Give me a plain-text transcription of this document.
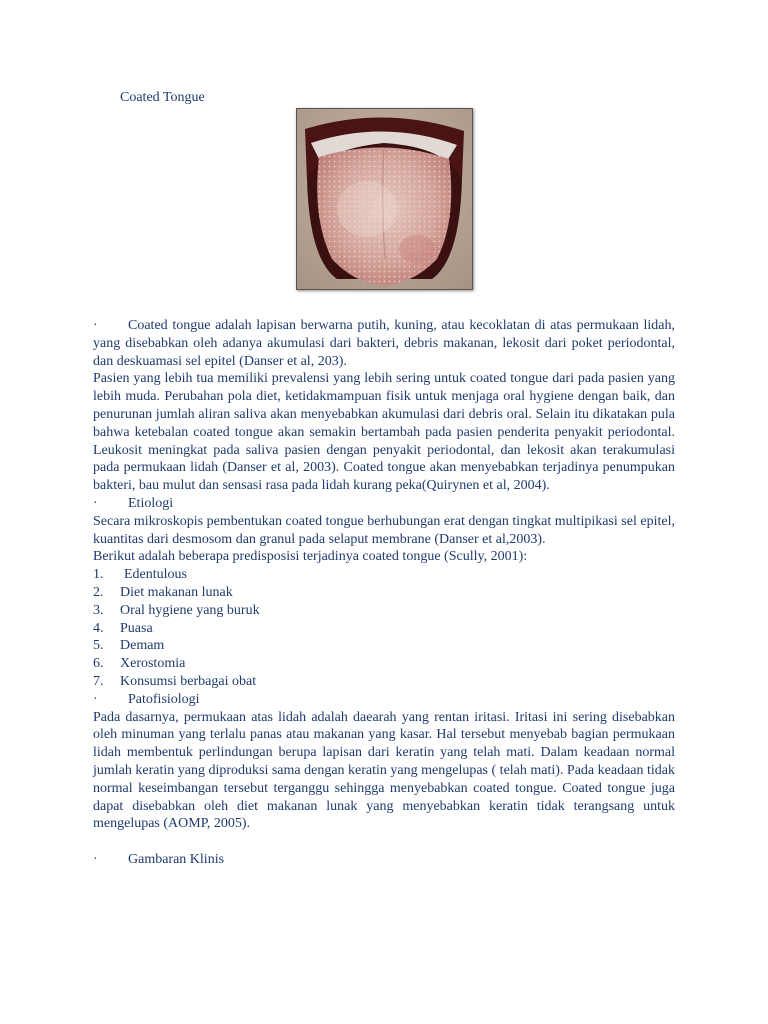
Coated Tongue

· Coated tongue adalah lapisan berwarna putih, kuning, atau kecoklatan di atas permukaan lidah, yang disebabkan oleh adanya akumulasi dari bakteri, debris makanan, lekosit dari poket periodontal, dan deskuamasi sel epitel (Danser et al, 203).

Pasien yang lebih tua memiliki prevalensi yang lebih sering untuk coated tongue dari pada pasien yang lebih muda. Perubahan pola diet, ketidakmampuan fisik untuk menjaga oral hygiene dengan baik, dan penurunan jumlah aliran saliva akan menyebabkan akumulasi dari debris oral. Selain itu dikatakan pula bahwa ketebalan coated tongue akan semakin bertambah pada pasien penderita penyakit periodontal. Leukosit meningkat pada saliva pasien dengan penyakit periodontal, dan lekosit akan terakumulasi pada permukaan lidah (Danser et al, 2003). Coated tongue akan menyebabkan terjadinya penumpukan bakteri, bau mulut dan sensasi rasa pada lidah kurang peka(Quirynen et al, 2004).

· Etiologi

Secara mikroskopis pembentukan coated tongue berhubungan erat dengan tingkat multipikasi sel epitel, kuantitas dari desmosom dan granul pada selaput membrane (Danser et al,2003).

Berikut adalah beberapa predisposisi terjadinya coated tongue (Scully, 2001):

1. Edentulous
2. Diet makanan lunak
3. Oral hygiene yang buruk
4. Puasa
5. Demam
6. Xerostomia
7. Konsumsi berbagai obat
· Patofisiologi

Pada dasarnya, permukaan atas lidah adalah daearah yang rentan iritasi. Iritasi ini sering disebabkan oleh minuman yang terlalu panas atau makanan yang kasar. Hal tersebut menyebab bagian permukaan lidah membentuk perlindungan berupa lapisan dari keratin yang telah mati. Dalam keadaan normal jumlah keratin yang diproduksi sama dengan keratin yang mengelupas ( telah mati). Pada keadaan tidak normal keseimbangan tersebut terganggu sehingga menyebabkan coated tongue. Coated tongue juga dapat disebabkan oleh diet makanan lunak yang menyebabkan keratin tidak terangsang untuk mengelupas (AOMP, 2005).

· Gambaran Klinis
